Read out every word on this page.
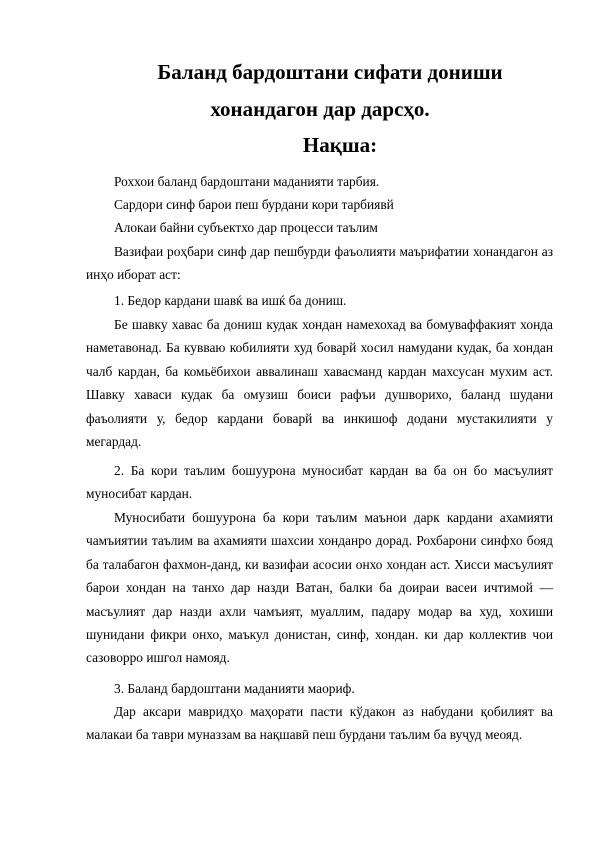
Баланд бардоштани сифати дониши
хонандагон дар дарсҳо.
Нақша:

Роххои баланд бардоштани маданияти тарбия.

Сардори синф барои пеш бурдани кори тарбиявй

Алокаи байни субъектхо дар процесси таълим

Вазифаи роҳбари синф дар пешбурди фаъолияти маърифатии хонандагон аз инҳо иборат аст:

1. Бедор кардани шавќ ва ишќ ба дониш.

Бе шавку хавас ба дониш кудак хондан намехохад ва бомуваффакият хонда наметавонад. Ба кувваю кобилияти худ боварй хосил намудани кудак, ба хондан чалб кардан, ба комьёбихои аввалинаш хавасманд кардан махсусан мухим аст. Шавку хаваси кудак ба омузиш боиси рафъи душворихо, баланд шудани фаъолияти у, бедор кардани боварй ва инкишоф додани мустакилияти у мегардад.

2. Ба кори таълим бошуурона муносибат кардан ва ба он бо масъулият муносибат кардан.

Муносибати бошуурона ба кори таълим маънои дарк кардани ахамияти чамъиятии таълим ва ахамияти шахсии хонданро дорад. Рохбарони синфхо бояд ба талабагон фахмон-данд, ки вазифаи асосии онхо хондан аст. Хисси масъулият барои хондан на танхо дар назди Ватан, балки ба доираи васеи ичтимой — масъулият дар назди ахли чамъият, муаллим, падару модар ва худ, хохиши шунидани фикри онхо, маъкул донистан, синф, хондан. ки дар коллектив чои сазоворро ишгол намояд.

3. Баланд бардоштани маданияти маориф.

Дар аксари мавридҳо маҳорати пасти кўдакон аз набудани қобилият ва малакаи ба таври муназзам ва нақшавӣ пеш бурдани таълим ба вуҷуд меояд.
